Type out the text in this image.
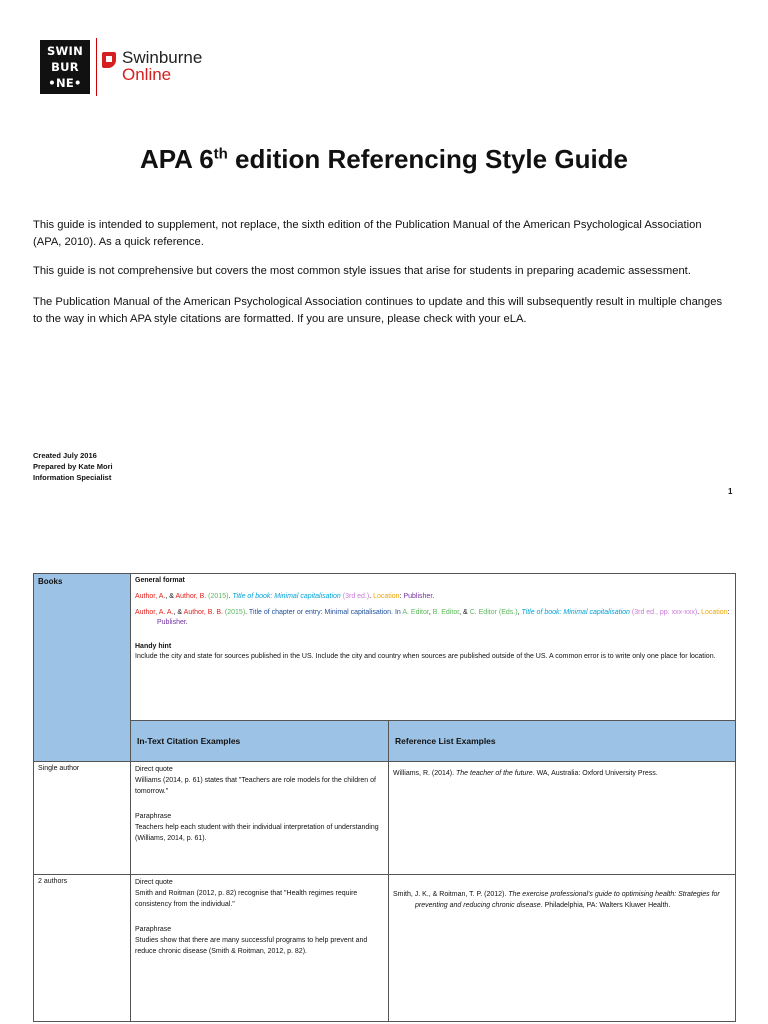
SWIN
BUR
•NE•
Swinburne
Online
APA 6th edition Referencing Style Guide
This guide is intended to supplement, not replace, the sixth edition of the Publication Manual of the American Psychological Association (APA, 2010). As a quick reference.
This guide is not comprehensive but covers the most common style issues that arise for students in preparing academic assessment.
The Publication Manual of the American Psychological Association continues to update and this will subsequently result in multiple changes to the way in which APA style citations are formatted. If you are unsure, please check with your eLA.
Created July 2016
Prepared by Kate Mori
Information Specialist
1
Books	General format
Author, A., & Author, B. (2015). Title of book: Minimal capitalisation (3rd ed.). Location: Publisher.
Author, A. A., & Author, B. B. (2015). Title of chapter or entry: Minimal capitalisation. In A. Editor, B. Editor, & C. Editor (Eds.), Title of book: Minimal capitalisation (3rd ed., pp. xxx-xxx). Location: Publisher.
Handy hint
Include the city and state for sources published in the US. Include the city and country when sources are published outside of the US. A common error is to write only one place for location.	

	In-Text Citation Examples	Reference List Examples
Single author	Direct quote
Williams (2014, p. 61) states that "Teachers are role models for the children of tomorrow."
Paraphrase
Teachers help each student with their individual interpretation of understanding
(Williams, 2014, p. 61).	Williams, R. (2014). The teacher of the future. WA, Australia: Oxford University Press.
2 authors	Direct quote
Smith and Roitman (2012, p. 82) recognise that "Health regimes require consistency from the individual."
Paraphrase
Studies show that there are many successful programs to help prevent and reduce chronic disease (Smith & Roitman, 2012, p. 82).	Smith, J. K., & Roitman, T. P. (2012). The exercise professional's guide to optimising health: Strategies for preventing and reducing chronic disease. Philadelphia, PA: Walters Kluwer Health.
